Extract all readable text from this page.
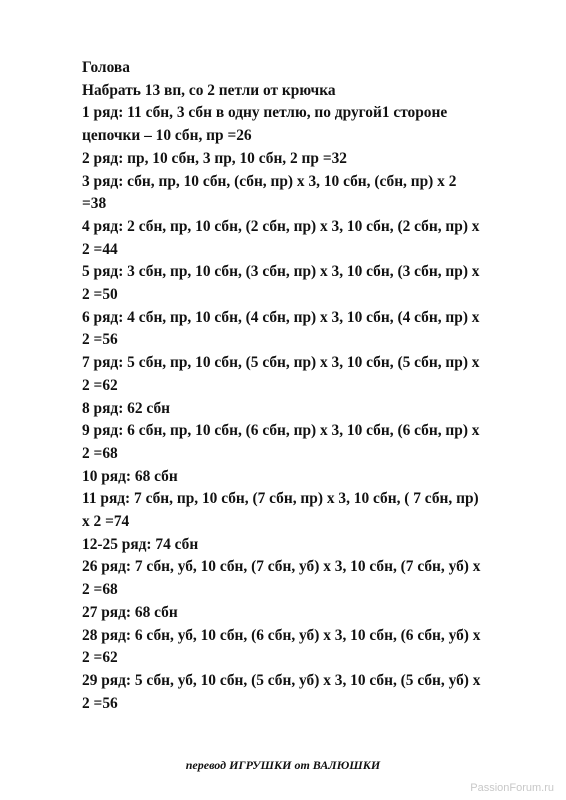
Голова
Набрать 13 вп, со 2 петли от крючка
1 ряд: 11 сбн, 3 сбн в одну петлю, по другой1 стороне
цепочки – 10 сбн, пр =26
2 ряд: пр, 10 сбн, 3 пр, 10 сбн, 2 пр =32
3 ряд: сбн, пр, 10 сбн, (сбн, пр) х 3, 10 сбн, (сбн, пр) х 2
=38
4 ряд: 2 сбн, пр, 10 сбн, (2 сбн, пр) х 3, 10 сбн, (2 сбн, пр) х
2 =44
5 ряд: 3 сбн, пр, 10 сбн, (3 сбн, пр) х 3, 10 сбн, (3 сбн, пр) х
2 =50
6 ряд: 4 сбн, пр, 10 сбн, (4 сбн, пр) х 3, 10 сбн, (4 сбн, пр) х
2 =56
7 ряд: 5 сбн, пр, 10 сбн, (5 сбн, пр) х 3, 10 сбн, (5 сбн, пр) х
2 =62
8 ряд: 62 сбн
9 ряд: 6 сбн, пр, 10 сбн, (6 сбн, пр) х 3, 10 сбн, (6 сбн, пр) х
2 =68
10 ряд: 68 сбн
11 ряд: 7 сбн, пр, 10 сбн, (7 сбн, пр) х 3, 10 сбн, ( 7 сбн, пр)
х 2 =74
12-25 ряд: 74 сбн
26 ряд: 7 сбн, уб, 10 сбн, (7 сбн, уб) х 3, 10 сбн, (7 сбн, уб) х
2 =68
27 ряд: 68 сбн
28 ряд: 6 сбн, уб, 10 сбн, (6 сбн, уб) х 3, 10 сбн, (6 сбн, уб) х
2 =62
29 ряд: 5 сбн, уб, 10 сбн, (5 сбн, уб) х 3, 10 сбн, (5 сбн, уб) х
2 =56
перевод ИГРУШКИ от ВАЛЮШКИ
PassionForum.ru
